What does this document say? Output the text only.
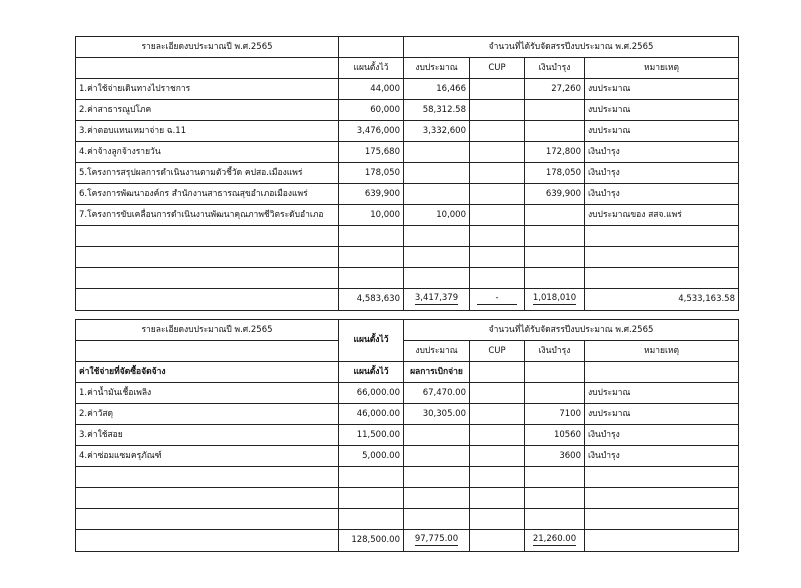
รายละเอียดงบประมาณปี พ.ศ.2565		จำนวนที่ได้รับจัดสรรปีงบประมาณ พ.ศ.2565			
	แผนตั้งไว้	งบประมาณ	CUP	เงินบำรุง	หมายเหตุ
1.ค่าใช้จ่ายเดินทางไปราชการ	44,000	16,466		27,260	งบประมาณ
2.ค่าสาธารณูปโภค	60,000	58,312.58			งบประมาณ
3.ค่าตอบแทนเหมาจ่าย ฉ.11	3,476,000	3,332,600			งบประมาณ
4.ค่าจ้างลูกจ้างรายวัน	175,680			172,800	เงินบำรุง
5.โครงการสรุปผลการดำเนินงานตามตัวชี้วัด คปสอ.เมืองแพร่	178,050			178,050	เงินบำรุง
6.โครงการพัฒนาองค์กร สำนักงานสาธารณสุขอำเภอเมืองแพร่	639,900			639,900	เงินบำรุง
7.โครงการขับเคลื่อนการดำเนินงานพัฒนาคุณภาพชีวิตระดับอำเภอ	10,000	10,000			งบประมาณของ สสจ.แพร่

	4,583,630	3,417,379	-	1,018,010	4,533,163.58
รายละเอียดงบประมาณปี พ.ศ.2565	แผนตั้งไว้	จำนวนที่ได้รับจัดสรรปีงบประมาณ พ.ศ.2565			
		งบประมาณ	CUP	เงินบำรุง	หมายเหตุ
ค่าใช้จ่ายที่จัดซื้อจัดจ้าง	แผนตั้งไว้	ผลการเบิกจ่าย			
1.ค่าน้ำมันเชื้อเพลิง	66,000.00	67,470.00			งบประมาณ
2.ค่าวัสดุ	46,000.00	30,305.00		7100	งบประมาณ
3.ค่าใช้สอย	11,500.00			10560	เงินบำรุง
4.ค่าซ่อมแซมครุภัณฑ์	5,000.00			3600	เงินบำรุง

	128,500.00	97,775.00		21,260.00	
